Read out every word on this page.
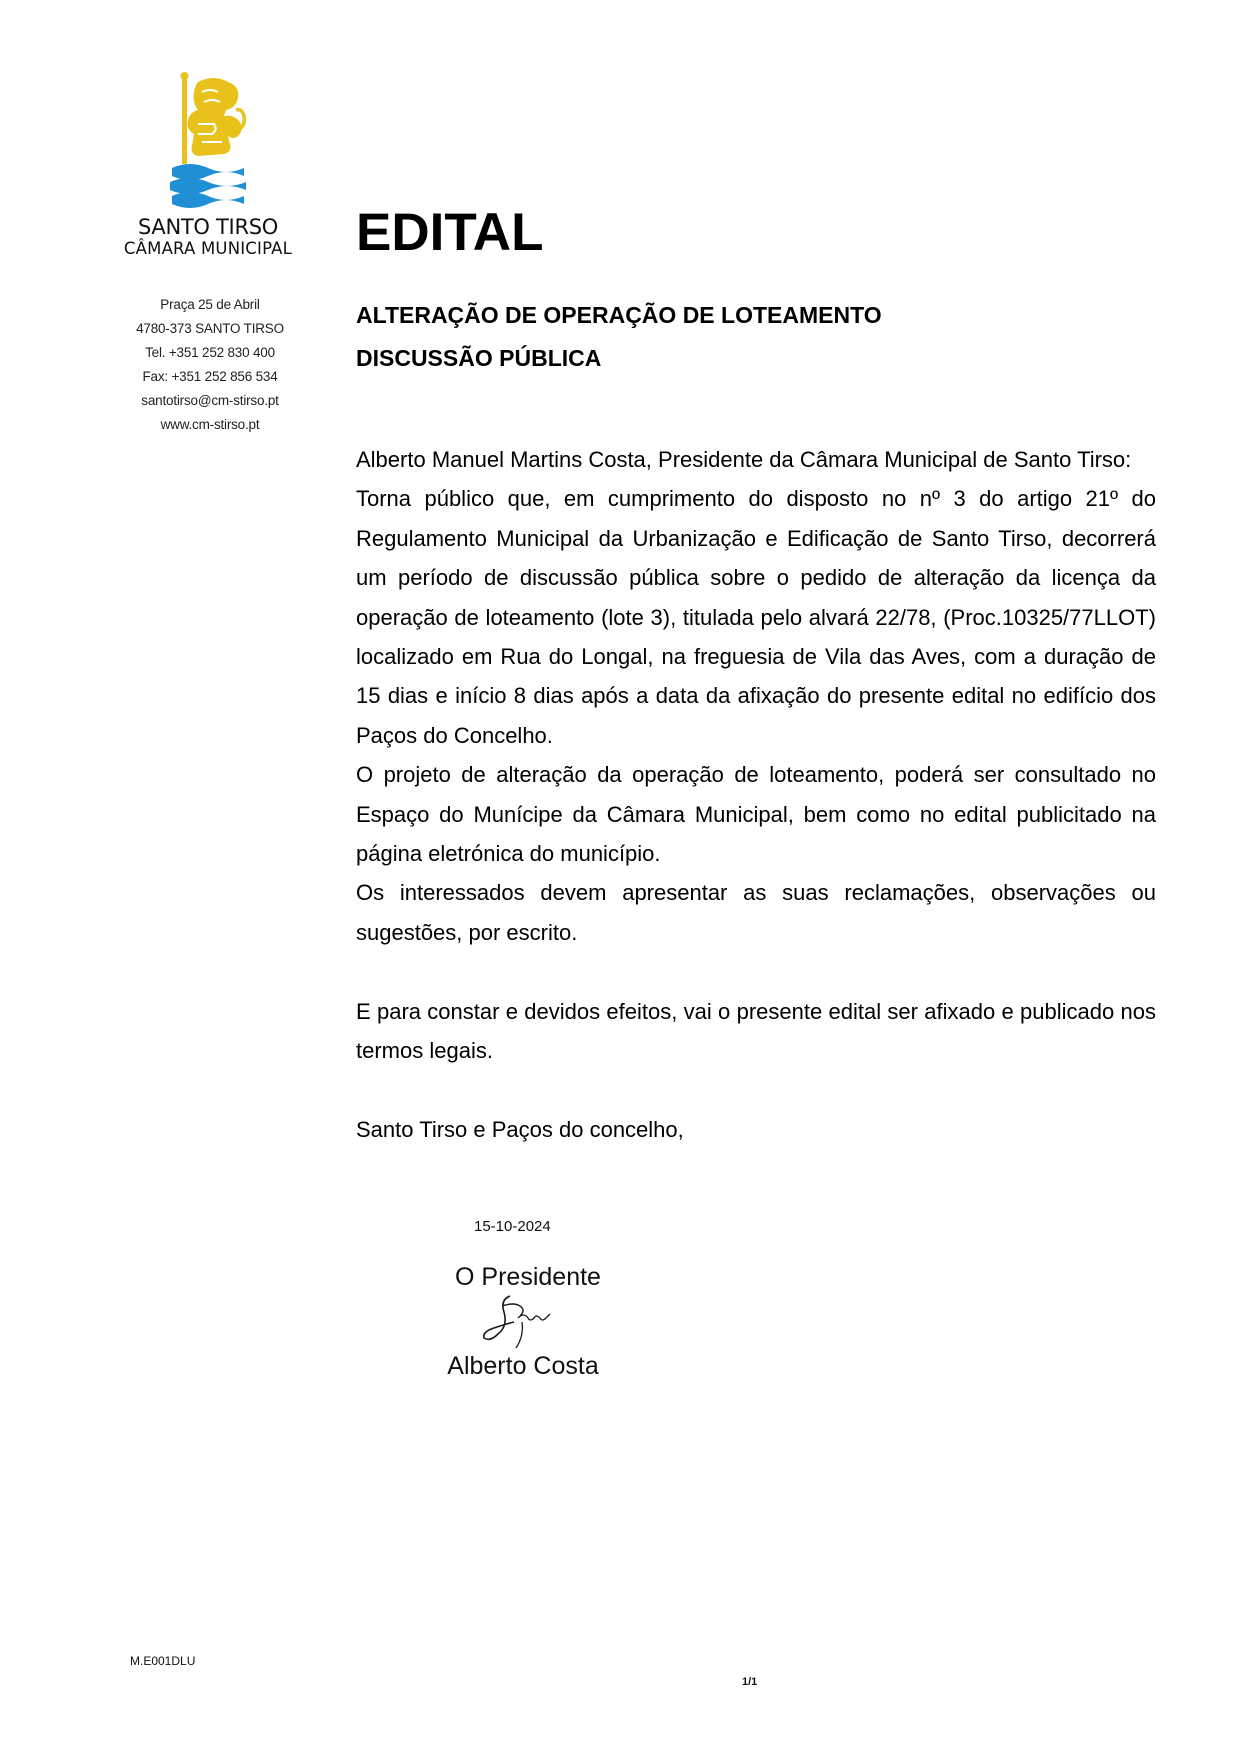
SANTO TIRSO
CÂMARA MUNICIPAL
Praça 25 de Abril
4780-373 SANTO TIRSO
Tel. +351 252 830 400
Fax: +351 252 856 534
santotirso@cm-stirso.pt
www.cm-stirso.pt
EDITAL
ALTERAÇÃO DE OPERAÇÃO DE LOTEAMENTO
DISCUSSÃO PÚBLICA

Alberto Manuel Martins Costa, Presidente da Câmara Municipal de Santo Tirso:

Torna público que, em cumprimento do disposto no nº 3 do artigo 21º do Regulamento Municipal da Urbanização e Edificação de Santo Tirso, decorrerá um período de discussão pública sobre o pedido de alteração da licença da operação de loteamento (lote 3), titulada pelo alvará 22/78, (Proc.10325/77LLOT) localizado em Rua do Longal, na freguesia de Vila das Aves, com a duração de 15 dias e início 8 dias após a data da afixação do presente edital no edifício dos Paços do Concelho.

O projeto de alteração da operação de loteamento, poderá ser consultado no Espaço do Munícipe da Câmara Municipal, bem como no edital publicitado na página eletrónica do município.

Os interessados devem apresentar as suas reclamações, observações ou sugestões, por escrito.

E para constar e devidos efeitos, vai o presente edital ser afixado e publicado nos termos legais.

Santo Tirso e Paços do concelho,

15-10-2024
O Presidente
Alberto Costa
M.E001DLU
1/1
